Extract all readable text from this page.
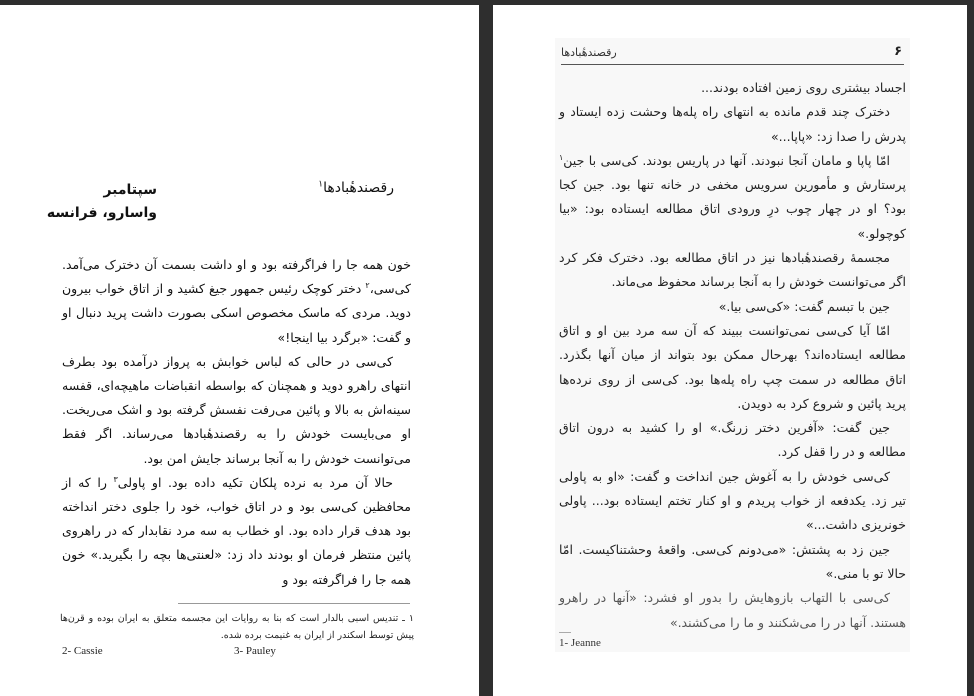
رقصندهٔبادها$^۱$
سپتامبر
واسارو، فرانسه

خون همه جا را فراگرفته بود و او داشت بسمت آن دخترک می‌آمد. کی‌سی،$^۲$ دختر کوچک رئیس جمهور جیغ کشید و از اتاق خواب بیرون دوید. مردی که ماسک مخصوص اسکی بصورت داشت پرید دنبال او و گفت: «برگرد بیا اینجا!»

کی‌سی در حالی که لباس خوابش به پرواز درآمده بود بطرف انتهای راهرو دوید و همچنان که بواسطه انقباضات ماهیچه‌ای، قفسه سینه‌اش به بالا و پائین می‌رفت نفسش گرفته بود و اشک می‌ریخت. او می‌بایست خودش را به رقصندهٔبادها می‌رساند. اگر فقط می‌توانست خودش را به آنجا برساند جایش امن بود.

حالا آن مرد به نرده پلکان تکیه داده بود. او پاولی$^۳$ را که از محافظین کی‌سی بود و در اتاق خواب، خود را جلوی دختر انداخته بود هدف قرار داده بود. او خطاب به سه مرد نقابدار که در راهروی پائین منتظر فرمان او بودند داد زد: «لعنتی‌ها بچه را بگیرید.» خون همه جا را فراگرفته بود و

۱ ـ تندیس اسبی بالدار است که بنا به روایات این مجسمه متعلق به ایران بوده و قرن‌ها پیش توسط اسکندر از ایران به غنیمت برده شده.
2- Cassie	3- Pauley
رقصندهٔبادها	۶

اجساد بیشتری روی زمین افتاده بودند...

دخترک چند قدم مانده به انتهای راه پله‌ها وحشت زده ایستاد و پدرش را صدا زد: «پاپا...»

امّا پاپا و مامان آنجا نبودند. آنها در پاریس بودند. کی‌سی با جین$^۱$ پرستارش و مأمورین سرویس مخفی در خانه تنها بود. جین کجا بود؟ او در چهار چوب درِ ورودی اتاق مطالعه ایستاده بود: «بیا کوچولو.»

مجسمهٔ رقصندهٔبادها نیز در اتاق مطالعه بود. دخترک فکر کرد اگر می‌توانست خودش را به آنجا برساند محفوظ می‌ماند.

جین با تبسم گفت: «کی‌سی بیا.»

امّا آیا کی‌سی نمی‌توانست ببیند که آن سه مرد بین او و اتاق مطالعه ایستاده‌اند؟ بهرحال ممکن بود بتواند از میان آنها بگذرد. اتاق مطالعه در سمت چپ راه پله‌ها بود. کی‌سی از روی نرده‌ها پرید پائین و شروع کرد به دویدن.

جین گفت: «آفرین دختر زرنگ.» او را کشید به درون اتاق مطالعه و در را قفل کرد.

کی‌سی خودش را به آغوش جین انداخت و گفت: «او به پاولی تیر زد. یکدفعه از خواب پریدم و او کنار تختم ایستاده بود... پاولی خونریزی داشت...»

جین زد به پشتش: «می‌دونم کی‌سی. واقعهٔ وحشتناکیست. امّا حالا تو با منی.»

کی‌سی با التهاب بازوهایش را بدور او فشرد: «آنها در راهرو هستند. آنها در را می‌شکنند و ما را می‌کشند.»

1- Jeanne
